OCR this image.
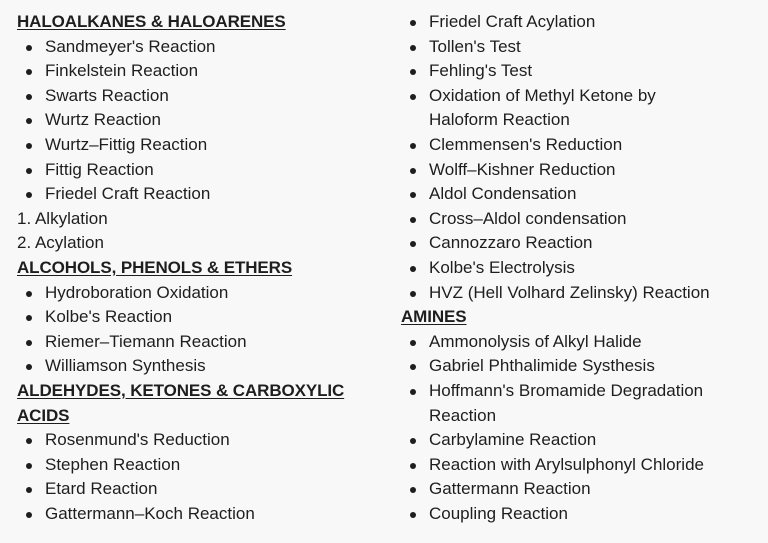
HALOALKANES & HALOARENES
Sandmeyer's Reaction
Finkelstein Reaction
Swarts Reaction
Wurtz Reaction
Wurtz–Fittig Reaction
Fittig Reaction
Friedel Craft Reaction
1. Alkylation
2. Acylation
ALCOHOLS, PHENOLS & ETHERS
Hydroboration Oxidation
Kolbe's Reaction
Riemer–Tiemann Reaction
Williamson Synthesis
ALDEHYDES, KETONES & CARBOXYLIC
ACIDS
Rosenmund's Reduction
Stephen Reaction
Etard Reaction
Gattermann–Koch Reaction
Friedel Craft Acylation
Tollen's Test
Fehling's Test
Oxidation of Methyl Ketone by
Haloform Reaction
Clemmensen's Reduction
Wolff–Kishner Reduction
Aldol Condensation
Cross–Aldol condensation
Cannozzaro Reaction
Kolbe's Electrolysis
HVZ (Hell Volhard Zelinsky) Reaction
AMINES
Ammonolysis of Alkyl Halide
Gabriel Phthalimide Systhesis
Hoffmann's Bromamide Degradation
Reaction
Carbylamine Reaction
Reaction with Arylsulphonyl Chloride
Gattermann Reaction
Coupling Reaction
